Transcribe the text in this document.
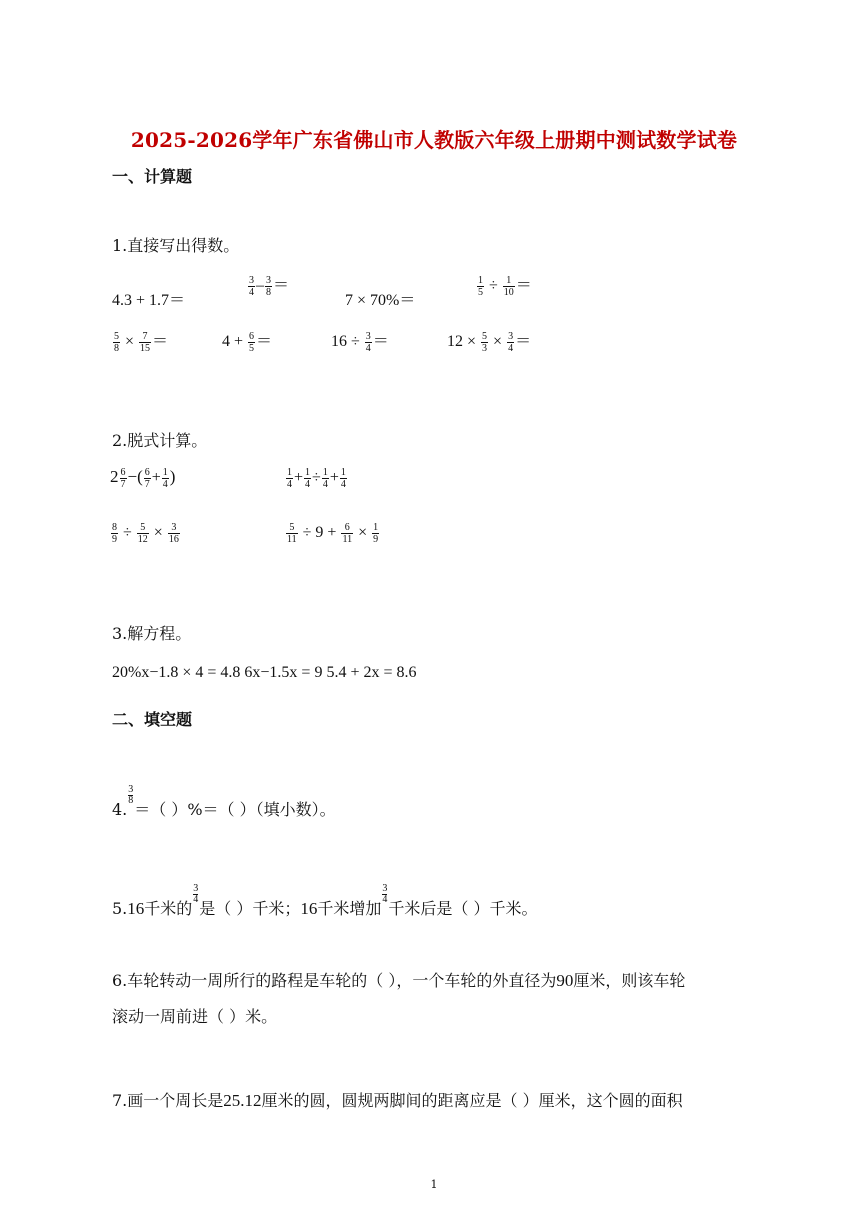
2025-2026学年广东省佛山市人教版六年级上册期中测试数学试卷
一、计算题
1.直接写出得数。
4.3 + 1.7＝
$\frac{3}{4} - \frac{3}{8}$ ＝
7 × 70%＝
$\frac{1}{5} \div \frac{1}{10}$ ＝
$\frac{5}{8} \times \frac{7}{15}$ ＝	$4 + \frac{6}{5}$ ＝	$16 \div \frac{3}{4}$ ＝	$12 \times \frac{5}{3} \times \frac{3}{4}$ ＝
2.脱式计算。
$2 \frac{6}{7}$ −( $\frac{6}{7} + \frac{1}{4}$ )	$\frac{1}{4} + \frac{1}{4} \div \frac{1}{4} + \frac{1}{4}$
$\frac{8}{9} \div \frac{5}{12} \times \frac{3}{16}$	$\frac{5}{11} \div 9 + \frac{6}{11} \times \frac{1}{9}$
3.解方程。
20%x−1.8 × 4 = 4.8 6x−1.5x = 9 5.4 + 2x = 8.6
二、填空题
4.
$\frac{3}{8}$
＝（ ）%＝（ ）（填小数）。
5.16千米的
$\frac{3}{4}$
是（ ）千米；16千米增加
$\frac{3}{4}$
千米后是（ ）千米。
6.车轮转动一周所行的路程是车轮的（ ），一个车轮的外直径为90厘米，则该车轮
滚动一周前进（ ）米。
7.画一个周长是25.12厘米的圆，圆规两脚间的距离应是（ ）厘米，这个圆的面积
1
